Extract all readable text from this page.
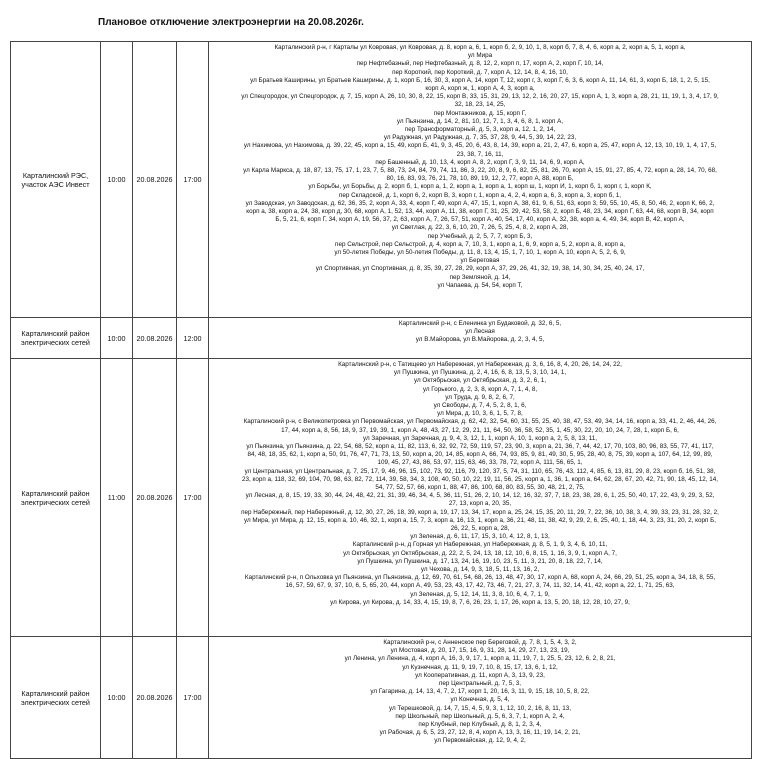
Плановое отключение электроэнергии на 20.08.2026г.
Карталинский РЭС, участок АЭС Инвест	10:00	20.08.2026	17:00
Карталинский р-н, г Карталы ул Ковровая, ул Ковровая, д. 8, корп а, 6, 1, корп б, 2, 9, 10, 1, 8, корп б, 7, 8, 4, 6, корп а, 2, корп а, 5, 1, корп а,
ул Мира
пер Нефтебазный, пер Нефтебазный, д. 8, 12, 2, корп п, 17, корп А, 2, корп Г, 10, 14,
пер Короткий, пер Короткий, д. 7, корп А, 12, 14, 8, 4, 16, 10,
ул Братьев Каширины, ул Братьев Каширины, д. 1, корп Б, 16, 30, 3, корп А, 14, корп Т, 12, корп г, 3, корп Г, 6, 3, 6, корп А, 11, 14, 61, 3, корп Б, 18, 1, 2, 5, 15,
корп А, корп ж, 1, корп А, 4, 3, корп а,
ул Спецгородок, ул Спецгородок, д. 7, 15, корп А, 26, 10, 30, 8, 22, 15, корп В, 33, 15, 31, 29, 13, 12, 2, 16, 20, 27, 15, корп А, 1, 3, корп а, 28, 21, 11, 19, 1, 3, 4, 17, 9,
32, 18, 23, 14, 25,
пер Монтажников, д. 15, корп Г,
ул Пьянзина, д. 14, 2, 81, 10, 12, 7, 1, 3, 4, 6, 8, 1, корп А,
пер Трансформаторный, д. 5, 3, корп а, 12, 1, 2, 14,
ул Радужная, ул Радужная, д. 7, 35, 37, 28, 9, 44, 5, 39, 14, 22, 23,
ул Нахимова, ул Нахимова, д. 39, 22, 45, корп а, 15, 49, корп Б, 41, 9, 3, 45, 20, 6, 43, 8, 14, 39, корп а, 21, 2, 47, 6, корп а, 25, 47, корп А, 12, 13, 10, 19, 1, 4, 17, 5,
23, 38, 7, 16, 11,
пер Башенный, д. 10, 13, 4, корп А, 8, 2, корп Г, 3, 9, 11, 14, 6, 9, корп А,
ул Карла Маркса, д. 18, 87, 13, 75, 17, 1, 23, 7, 5, 88, 73, 24, 84, 79, 74, 11, 86, 3, 22, 20, 8, 9, 6, 82, 25, 81, 26, 70, корп А, 15, 91, 27, 85, 4, 72, корп а, 28, 14, 70, 68,
80, 16, 83, 93, 76, 21, 78, 10, 89, 19, 12, 2, 77, корп А, 88, корп Б,
ул Борьбы, ул Борьбы, д. 2, корп б, 1, корп а, 1, 2, корп а, 1, корп а, 1, корп ш, 1, корп И, 1, корп б, 1, корп г, 1, корп К,
пер Складской, д. 1, корп 6, 2, корп В, 3, корп г, 1, корп а, 4, 2, 4, корп а, 6, 3, корп а, 3, корп б, 1,
ул Заводская, ул Заводская, д. 62, 36, 35, 2, корп А, 33, 4, корп Г, 49, корп А, 47, 15, 1, корп А, 38, 61, 9, 6, 51, 63, корп 3, 59, 55, 10, 45, 8, 50, 46, 2, корп К, 66, 2,
корп а, 38, корп а, 24, 38, корп д, 30, 68, корп А, 1, 52, 13, 44, корп А, 11, 38, корп Г, 31, 25, 29, 42, 53, 58, 2, корп Б, 48, 23, 34, корп Г, 63, 44, 68, корп В, 34, корп
Б, 5, 21, 6, корп Г, 34, корп А, 19, 56, 37, 2, 63, корп А, 7, 26, 57, 51, корп А, 40, 54, 17, 40, корп А, 32, 38, корп а, 4, 49, 34, корп В, 42, корп А,
ул Светлая, д. 22, 3, 6, 10, 20, 7, 26, 5, 25, 4, 8, 2, корп А, 28,
пер Учебный, д. 2, 5, 7, 7, корп Б, 3,
пер Сельстрой, пер Сельстрой, д. 4, корп а, 7, 10, 3, 1, корп а, 1, 6, 9, корп а, 5, 2, корп а, 8, корп а,
ул 50-летия Победы, ул 50-летия Победы, д. 11, 8, 13, 4, 15, 1, 7, 10, 1, корп А, 10, корп А, 5, 2, 6, 9,
ул Береговая
ул Спортивная, ул Спортивная, д. 8, 35, 39, 27, 28, 29, корп А, 37, 29, 26, 41, 32, 19, 38, 14, 30, 34, 25, 40, 24, 17,
пер Земляной, д. 14,
ул Чапаева, д. 54, 54, корп Т,
Карталинский район электрических сетей	10:00	20.08.2026	12:00
Карталинский р-н, с Еленинка ул Будаковой, д. 32, 6, 5,
ул Лесная
ул В.Майорова, ул В.Майорова, д. 2, 3, 4, 5,
Карталинский район электрических сетей	11:00	20.08.2026	17:00
Карталинский р-н, с Татищево ул Набережная, ул Набережная, д. 3, 6, 16, 8, 4, 20, 26, 14, 24, 22,
ул Пушкина, ул Пушкина, д. 2, 4, 16, 6, 8, 13, 5, 3, 10, 14, 1,
ул Октябрьская, ул Октябрьская, д. 3, 2, 6, 1,
ул Горького, д. 2, 3, 8, корп А, 7, 1, 4, 8,
ул Труда, д. 9, 8, 2, 6, 7,
ул Свободы, д. 7, 4, 5, 2, 8, 1, 6,
ул Мира, д. 10, 3, 6, 1, 5, 7, 8,
Карталинский р-н, с Великопетровка ул Первомайская, ул Первомайская, д. 62, 42, 32, 54, 60, 31, 55, 25, 40, 38, 47, 53, 49, 34, 14, 16, корп а, 33, 41, 2, 46, 44, 26,
17, 44, корп а, 8, 56, 18, 9, 37, 19, 39, 1, корп А, 48, 43, 27, 12, 29, 21, 11, 64, 50, 36, 58, 52, 35, 1, 45, 30, 22, 20, 10, 24, 7, 28, 1, корп Б, 6,
ул Заречная, ул Заречная, д. 9, 4, 3, 12, 1, 1, корп А, 10, 1, корп а, 2, 5, 8, 13, 11,
ул Пьянзина, ул Пьянзина, д. 22, 54, 68, 52, корп а, 11, 82, 113, 6, 32, 92, 72, 59, 119, 57, 23, 90, 3, корп а, 21, 36, 7, 44, 42, 17, 70, 103, 80, 96, 83, 55, 77, 41, 117,
84, 48, 18, 35, 62, 1, корп а, 50, 91, 76, 47, 71, 73, 13, 50, корп а, 20, 14, 85, корп А, 66, 74, 93, 85, 9, 81, 49, 30, 5, 95, 28, 40, 8, 75, 39, корп а, 107, 64, 12, 99, 89,
109, 45, 27, 43, 86, 53, 97, 115, 63, 46, 33, 78, 72, корп А, 111, 56, 65, 1,
ул Центральная, ул Центральная, д. 7, 25, 17, 9, 46, 96, 15, 102, 73, 92, 116, 79, 120, 37, 5, 74, 31, 110, 65, 76, 43, 112, 4, 85, 6, 13, 81, 29, 8, 23, корп б, 16, 51, 38,
23, корп а, 118, 32, 69, 104, 70, 98, 63, 82, 72, 114, 39, 58, 34, 3, 108, 40, 50, 10, 22, 19, 11, 56, 25, корп а, 1, 36, 1, корп а, 64, 62, 28, 67, 20, 42, 71, 90, 18, 45, 12, 14,
54, 77, 52, 57, 66, корп 1, 88, 47, 86, 100, 68, 80, 83, 55, 30, 48, 21, 2, 75,
ул Лесная, д. 8, 15, 19, 33, 30, 44, 24, 48, 42, 21, 31, 39, 46, 34, 4, 5, 36, 11, 51, 26, 2, 10, 14, 12, 16, 32, 37, 7, 18, 23, 38, 28, 6, 1, 25, 50, 40, 17, 22, 43, 9, 29, 3, 52,
27, 13, корп а, 20, 35,
пер Набережный, пер Набережный, д. 12, 30, 27, 26, 18, 39, корп а, 19, 17, 13, 34, 17, корп а, 25, 24, 15, 35, 20, 11, 29, 7, 22, 36, 10, 38, 3, 4, 39, 33, 23, 31, 28, 32, 2,
ул Мира, ул Мира, д. 12, 15, корп а, 10, 46, 32, 1, корп а, 15, 7, 3, корп а, 16, 13, 1, корп а, 36, 21, 48, 11, 38, 42, 9, 29, 2, 6, 25, 40, 1, 18, 44, 3, 23, 31, 20, 2, корп Б,
26, 22, 5, корп а, 28,
ул Зеленая, д. 6, 11, 17, 15, 3, 10, 4, 12, 8, 1, 13,
Карталинский р-н, д Горная ул Набережная, ул Набережная, д. 8, 5, 1, 9, 3, 4, 6, 10, 11,
ул Октябрьская, ул Октябрьская, д. 22, 2, 5, 24, 13, 18, 12, 10, 6, 8, 15, 1, 16, 3, 9, 1, корп А, 7,
ул Пушкина, ул Пушкина, д. 17, 13, 24, 16, 19, 10, 23, 5, 11, 3, 21, 20, 8, 18, 22, 7, 14,
ул Чехова, д. 14, 9, 3, 18, 5, 11, 13, 16, 2,
Карталинский р-н, п Ольховка ул Пьянзина, ул Пьянзина, д. 12, 69, 70, 61, 54, 68, 26, 13, 48, 47, 30, 17, корп А, 68, корп А, 24, 66, 29, 51, 25, корп а, 34, 18, 8, 55,
16, 57, 59, 67, 9, 37, 10, 6, 5, 65, 20, 44, корп А, 49, 53, 23, 43, 17, 42, 73, 46, 7, 21, 27, 3, 74, 11, 32, 14, 41, 42, корп а, 22, 1, 71, 25, 63,
ул Зеленая, д. 5, 12, 14, 11, 3, 8, 10, 6, 4, 7, 1, 9,
ул Кирова, ул Кирова, д. 14, 33, 4, 15, 19, 8, 7, 6, 26, 23, 1, 17, 26, корп а, 13, 5, 20, 18, 12, 28, 10, 27, 9,
Карталинский район электрических сетей	10:00	20.08.2026	17:00
Карталинский р-н, с Анненское пер Береговой, д. 7, 8, 1, 5, 4, 3, 2,
ул Мостовая, д. 20, 17, 15, 16, 9, 31, 28, 14, 29, 27, 13, 23, 19,
ул Ленина, ул Ленина, д. 4, корп А, 16, 3, 9, 17, 1, корп а, 11, 19, 7, 1, 25, 5, 23, 12, 6, 2, 8, 21,
ул Кузнечная, д. 11, 9, 19, 7, 10, 8, 15, 17, 13, 6, 1, 12,
ул Кооперативная, д. 11, корп А, 3, 13, 9, 23,
пер Центральный, д. 7, 5, 3,
ул Гагарина, д. 14, 13, 4, 7, 2, 17, корп 1, 20, 16, 3, 11, 9, 15, 18, 10, 5, 8, 22,
ул Конечная, д. 5, 4,
ул Терешковой, д. 14, 7, 15, 4, 5, 9, 3, 1, 12, 10, 2, 16, 8, 11, 13,
пер Школьный, пер Школьный, д. 5, 6, 3, 7, 1, корп А, 2, 4,
пер Клубный, пер Клубный, д. 8, 1, 2, 3, 4,
ул Рабочая, д. 6, 5, 23, 27, 12, 8, 4, корп А, 13, 3, 16, 11, 19, 14, 2, 21,
ул Первомайская, д. 12, 9, 4, 2,
